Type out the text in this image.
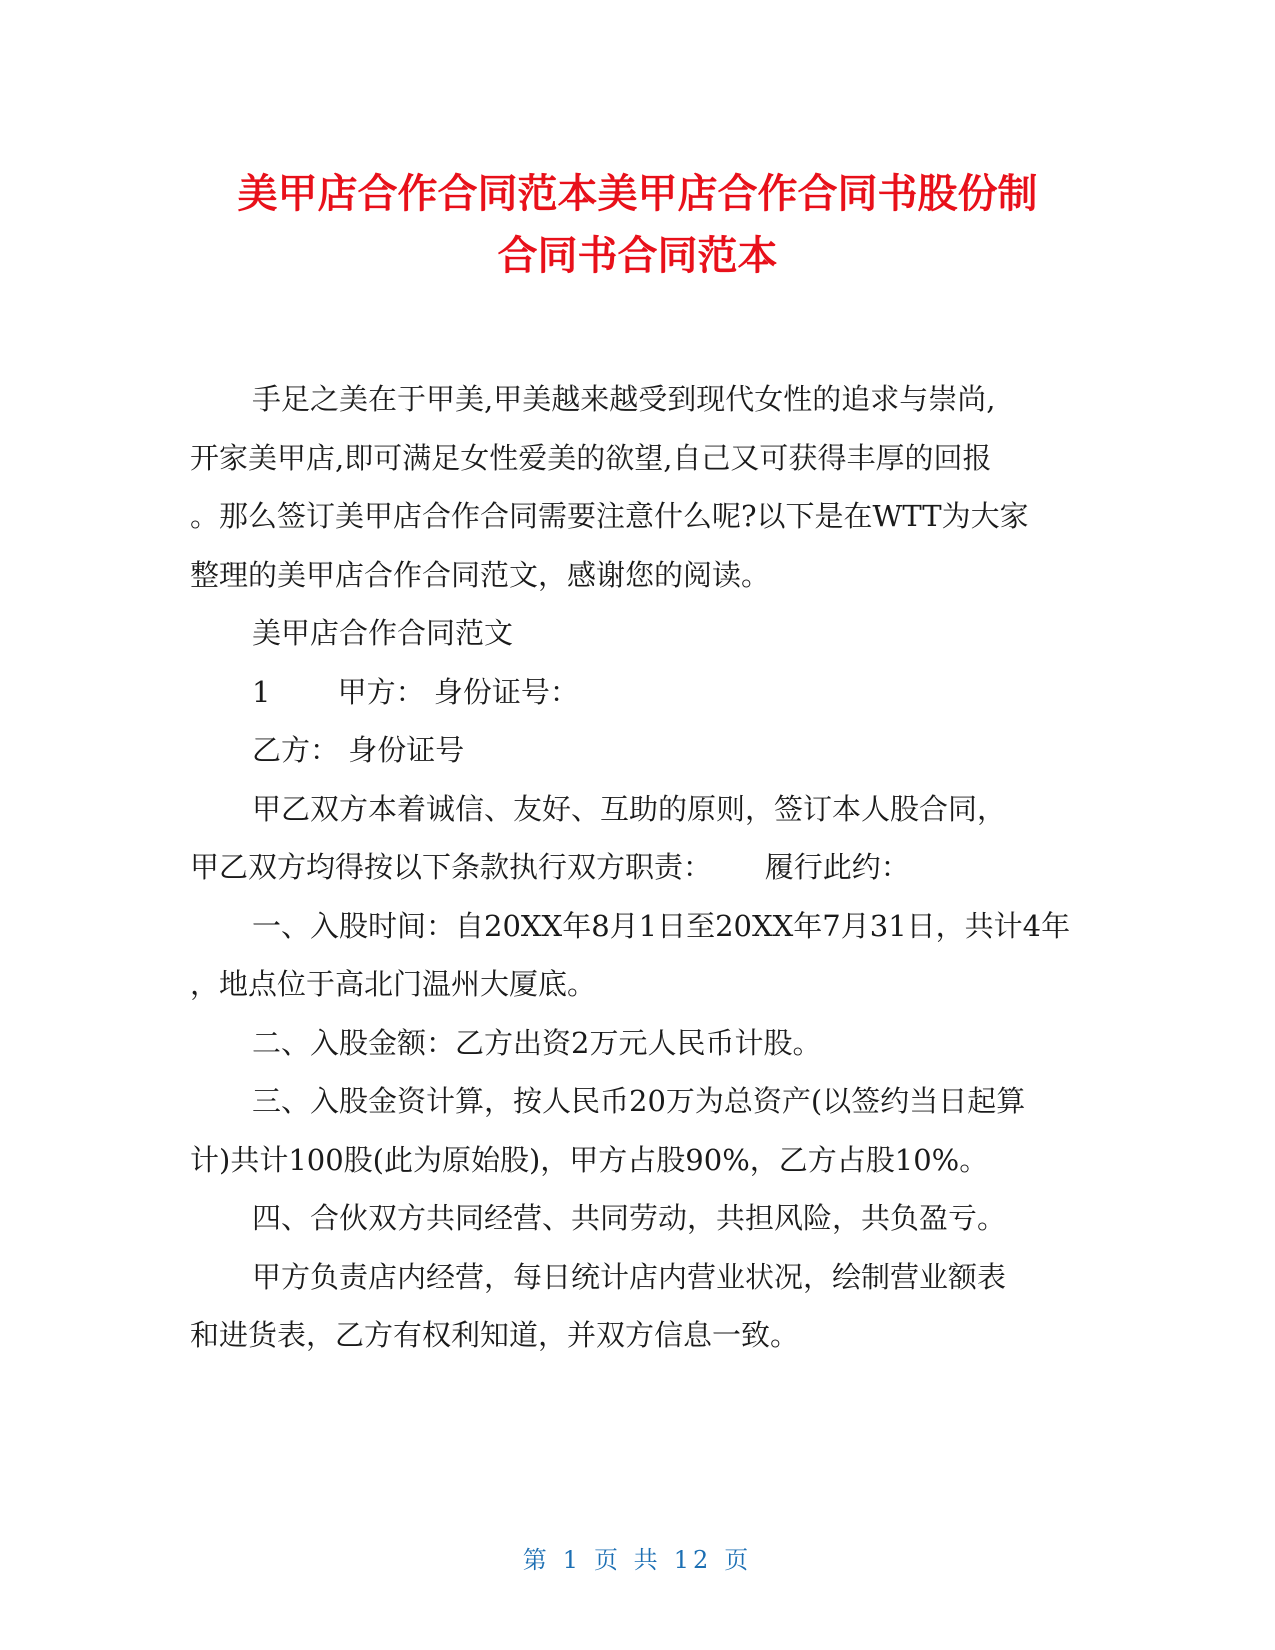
美甲店合作合同范本美甲店合作合同书股份制
合同书合同范本
手足之美在于甲美,甲美越来越受到现代女性的追求与崇尚,
开家美甲店,即可满足女性爱美的欲望,自己又可获得丰厚的回报
。那么签订美甲店合作合同需要注意什么呢?以下是在WTT为大家
整理的美甲店合作合同范文，感谢您的阅读。
美甲店合作合同范文
1　　 甲方： 身份证号：
乙方： 身份证号
甲乙双方本着诚信、友好、互助的原则，签订本人股合同，
甲乙双方均得按以下条款执行双方职责：　　 履行此约：
一、入股时间：自20XX年8月1日至20XX年7月31日，共计4年
，地点位于高北门温州大厦底。
二、入股金额：乙方出资2万元人民币计股。
三、入股金资计算，按人民币20万为总资产(以签约当日起算
计)共计100股(此为原始股)，甲方占股90%，乙方占股10%。
四、合伙双方共同经营、共同劳动，共担风险，共负盈亏。
甲方负责店内经营，每日统计店内营业状况，绘制营业额表
和进货表，乙方有权利知道，并双方信息一致。
第 1 页 共 12 页
